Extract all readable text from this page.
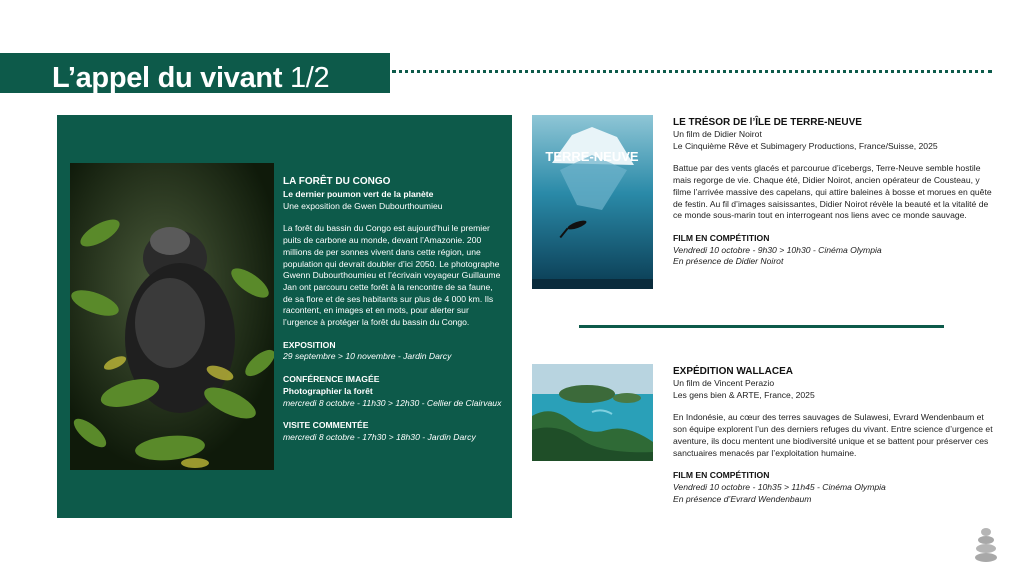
L’appel du vivant 1/2
LA FORÊT DU CONGO
Le dernier poumon vert de la planète
Une exposition de Gwen Dubourthoumieu
La forêt du bassin du Congo est aujourd’hui le premier puits de carbone au monde, devant l’Amazonie. 200 millions de per sonnes vivent dans cette région, une population qui devrait doubler d’ici 2050. Le photographe Gwenn Dubourthoumieu et l’écrivain voyageur Guillaume Jan ont parcouru cette forêt à la rencontre de sa faune, de sa flore et de ses habitants sur plus de 4 000 km. Ils racontent, en images et en mots, pour alerter sur l’urgence à protéger la forêt du bassin du Congo.
EXPOSITION
29 septembre > 10 novembre - Jardin Darcy
CONFÉRENCE IMAGÉE
Photographier la forêt
mercredi 8 octobre - 11h30 > 12h30 - Cellier de Clairvaux
VISITE COMMENTÉE
mercredi 8 octobre - 17h30 > 18h30 - Jardin Darcy
TERRE-NEUVE
LE TRÉSOR DE l’ÎLE DE TERRE-NEUVE
Un film de Didier Noirot
Le Cinquième Rêve et Subimagery Productions, France/Suisse, 2025
Battue par des vents glacés et parcourue d’icebergs, Terre-Neuve semble hostile mais regorge de vie. Chaque été, Didier Noirot, ancien opérateur de Cousteau, y filme l’arrivée massive des capelans, qui attire baleines à bosse et morues en quête de festin. Au fil d’images saisissantes, Didier Noirot révèle la beauté et la vitalité de ce monde sous-marin tout en interrogeant nos liens avec ce monde sauvage.
FILM EN COMPÉTITION
Vendredi 10 octobre - 9h30 > 10h30 - Cinéma Olympia
En présence de Didier Noirot
EXPÉDITION WALLACEA
Un film de Vincent Perazio
Les gens bien & ARTE, France, 2025
En Indonésie, au cœur des terres sauvages de Sulawesi, Evrard Wendenbaum et son équipe explorent l’un des derniers refuges du vivant. Entre science d’urgence et aventure, ils docu mentent une biodiversité unique et se battent pour préserver ces sanctuaires menacés par l’exploitation humaine.
FILM EN COMPÉTITION
Vendredi 10 octobre - 10h35 > 11h45 - Cinéma Olympia
En présence d’Evrard Wendenbaum
